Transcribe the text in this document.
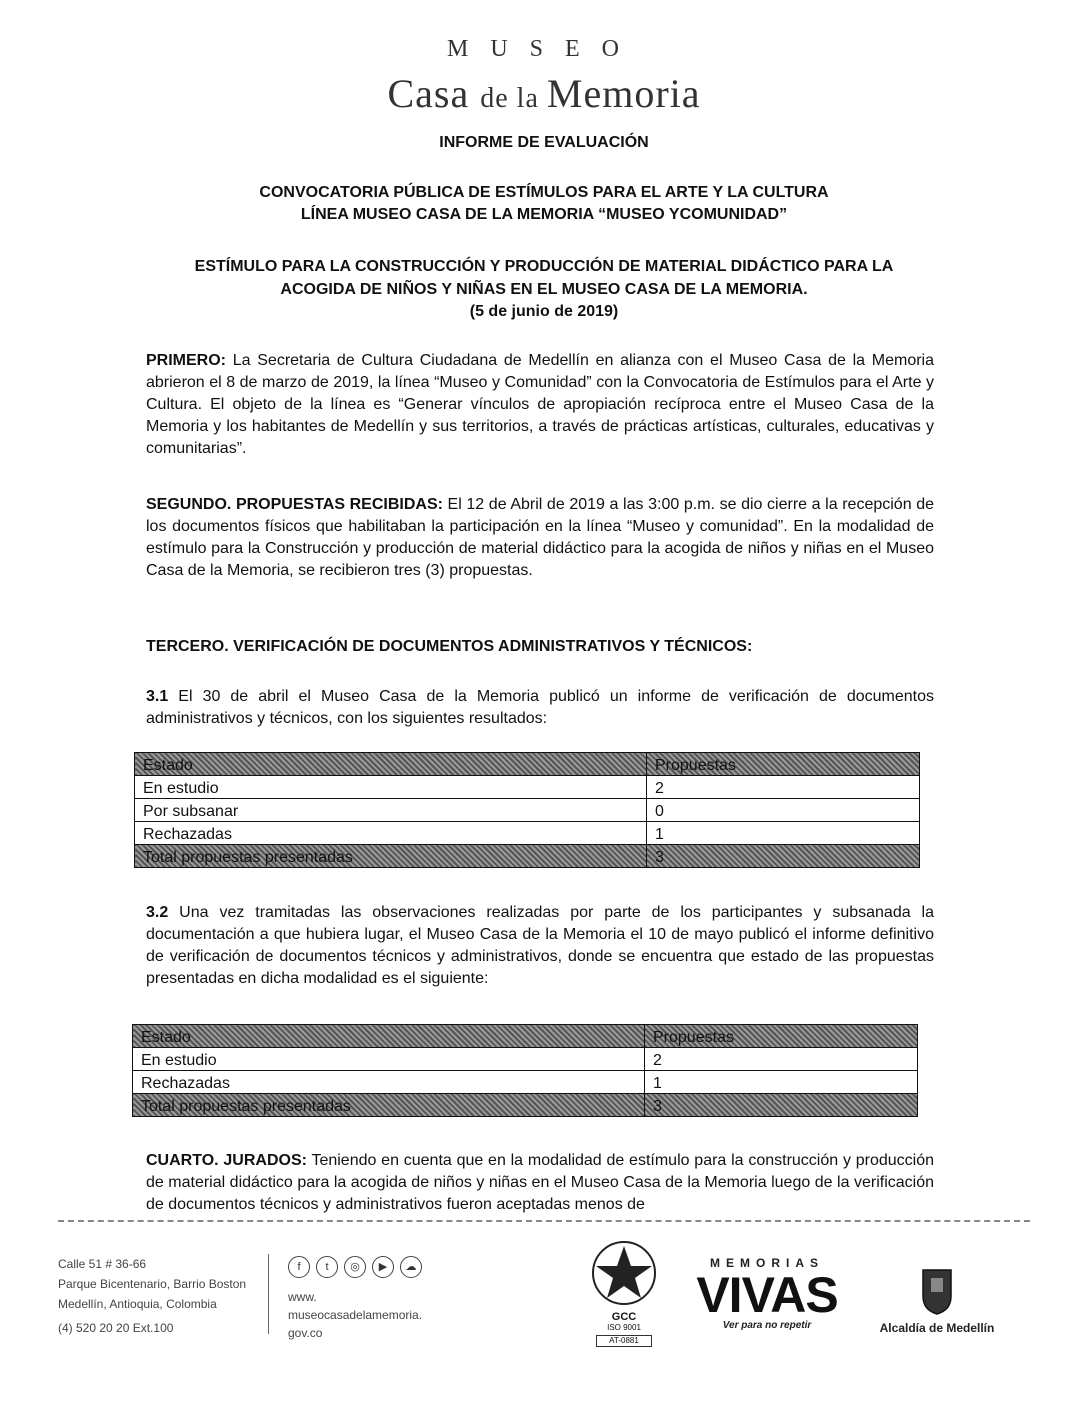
MUSEO
Casa de la Memoria
INFORME DE EVALUACIÓN
CONVOCATORIA PÚBLICA DE ESTÍMULOS PARA EL ARTE Y LA CULTURA
LÍNEA MUSEO CASA DE LA MEMORIA “MUSEO YCOMUNIDAD”
ESTÍMULO PARA LA CONSTRUCCIÓN Y PRODUCCIÓN DE MATERIAL DIDÁCTICO PARA LA
ACOGIDA DE NIÑOS Y NIÑAS EN EL MUSEO CASA DE LA MEMORIA.
(5 de junio de 2019)
PRIMERO: La Secretaria de Cultura Ciudadana de Medellín en alianza con el Museo Casa de la Memoria abrieron el 8 de marzo de 2019, la línea “Museo y Comunidad” con la Convocatoria de Estímulos para el Arte y Cultura. El objeto de la línea es “Generar vínculos de apropiación recíproca entre el Museo Casa de la Memoria y los habitantes de Medellín y sus territorios, a través de prácticas artísticas, culturales, educativas y comunitarias”.
SEGUNDO. PROPUESTAS RECIBIDAS: El 12 de Abril de 2019 a las 3:00 p.m. se dio cierre a la recepción de los documentos físicos que habilitaban la participación en la línea “Museo y comunidad”. En la modalidad de estímulo para la Construcción y producción de material didáctico para la acogida de niños y niñas en el Museo Casa de la Memoria, se recibieron tres (3) propuestas.
TERCERO. VERIFICACIÓN DE DOCUMENTOS ADMINISTRATIVOS Y TÉCNICOS:
3.1 El 30 de abril el Museo Casa de la Memoria publicó un informe de verificación de documentos administrativos y técnicos, con los siguientes resultados:
Estado	Propuestas
En estudio	2
Por subsanar	0
Rechazadas	1
Total propuestas presentadas	3
3.2 Una vez tramitadas las observaciones realizadas por parte de los participantes y subsanada la documentación a que hubiera lugar, el Museo Casa de la Memoria el 10 de mayo publicó el informe definitivo de verificación de documentos técnicos y administrativos, donde se encuentra que estado de las propuestas presentadas en dicha modalidad es el siguiente:
Estado	Propuestas
En estudio	2
Rechazadas	1
Total propuestas presentadas	3
CUARTO. JURADOS: Teniendo en cuenta que en la modalidad de estímulo para la construcción y producción de material didáctico para la acogida de niños y niñas en el Museo Casa de la Memoria luego de la verificación de documentos técnicos y administrativos fueron aceptadas menos de
Calle 51 # 36-66
Parque Bicentenario, Barrio Boston
Medellín, Antioquia, Colombia
(4) 520 20 20 Ext.100
f t ◎ ▶ ☁
www.
museocasadelamemoria.
gov.co
GCC
ISO 9001
AT-0881
MEMORIAS
VIVAS
Ver para no repetir	Alcaldía de Medellín
